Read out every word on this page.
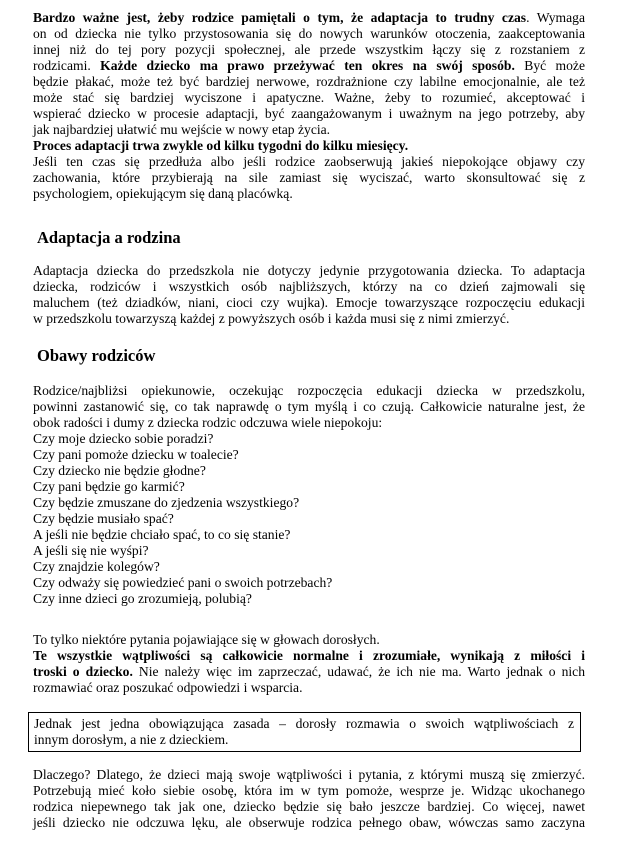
Bardzo ważne jest, żeby rodzice pamiętali o tym, że adaptacja to trudny czas. Wymaga
on od dziecka nie tylko przystosowania się do nowych warunków otoczenia, zaakceptowania
innej niż do tej pory pozycji społecznej, ale przede wszystkim łączy się z rozstaniem z
rodzicami. Każde dziecko ma prawo przeżywać ten okres na swój sposób. Być może
będzie płakać, może też być bardziej nerwowe, rozdrażnione czy labilne emocjonalnie, ale też
może stać się bardziej wyciszone i apatyczne. Ważne, żeby to rozumieć, akceptować i
wspierać dziecko w procesie adaptacji, być zaangażowanym i uważnym na jego potrzeby, aby
jak najbardziej ułatwić mu wejście w nowy etap życia.
Proces adaptacji trwa zwykle od kilku tygodni do kilku miesięcy.
Jeśli ten czas się przedłuża albo jeśli rodzice zaobserwują jakieś niepokojące objawy czy
zachowania, które przybierają na sile zamiast się wyciszać, warto skonsultować się z
psychologiem, opiekującym się daną placówką.
Adaptacja a rodzina
Adaptacja dziecka do przedszkola nie dotyczy jedynie przygotowania dziecka. To adaptacja
dziecka, rodziców i wszystkich osób najbliższych, którzy na co dzień zajmowali się
maluchem (też dziadków, niani, cioci czy wujka). Emocje towarzyszące rozpoczęciu edukacji
w przedszkolu towarzyszą każdej z powyższych osób i każda musi się z nimi zmierzyć.
Obawy rodziców
Rodzice/najbliżsi opiekunowie, oczekując rozpoczęcia edukacji dziecka w przedszkolu,
powinni zastanowić się, co tak naprawdę o tym myślą i co czują. Całkowicie naturalne jest, że
obok radości i dumy z dziecka rodzic odczuwa wiele niepokoju:
Czy moje dziecko sobie poradzi?
Czy pani pomoże dziecku w toalecie?
Czy dziecko nie będzie głodne?
Czy pani będzie go karmić?
Czy będzie zmuszane do zjedzenia wszystkiego?
Czy będzie musiało spać?
A jeśli nie będzie chciało spać, to co się stanie?
A jeśli się nie wyśpi?
Czy znajdzie kolegów?
Czy odważy się powiedzieć pani o swoich potrzebach?
Czy inne dzieci go zrozumieją, polubią?
To tylko niektóre pytania pojawiające się w głowach dorosłych.
Te wszystkie wątpliwości są całkowicie normalne i zrozumiałe, wynikają z miłości i
troski o dziecko. Nie należy więc im zaprzeczać, udawać, że ich nie ma. Warto jednak o nich
rozmawiać oraz poszukać odpowiedzi i wsparcia.
Jednak jest jedna obowiązująca zasada – dorosły rozmawia o swoich wątpliwościach z
innym dorosłym, a nie z dzieckiem.
Dlaczego? Dlatego, że dzieci mają swoje wątpliwości i pytania, z którymi muszą się zmierzyć.
Potrzebują mieć koło siebie osobę, która im w tym pomoże, wesprze je. Widząc ukochanego
rodzica niepewnego tak jak one, dziecko będzie się bało jeszcze bardziej. Co więcej, nawet
jeśli dziecko nie odczuwa lęku, ale obserwuje rodzica pełnego obaw, wówczas samo zaczyna
